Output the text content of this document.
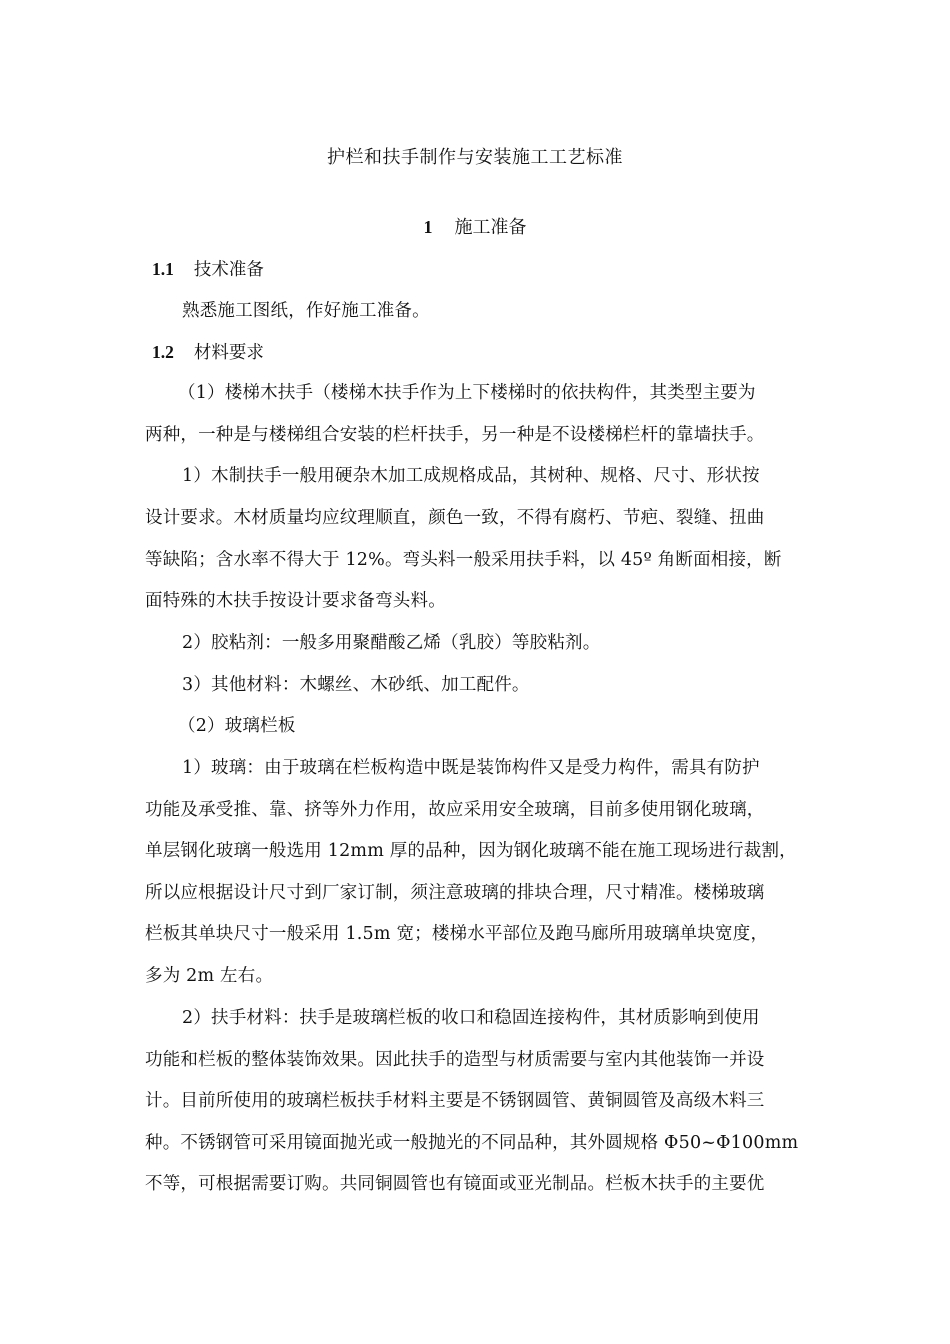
护栏和扶手制作与安装施工工艺标准
1 施工准备
1.1 技术准备
熟悉施工图纸，作好施工准备。
1.2 材料要求
（1）楼梯木扶手（楼梯木扶手作为上下楼梯时的依扶构件，其类型主要为
两种，一种是与楼梯组合安装的栏杆扶手，另一种是不设楼梯栏杆的靠墙扶手。
1）木制扶手一般用硬杂木加工成规格成品，其树种、规格、尺寸、形状按
设计要求。木材质量均应纹理顺直，颜色一致，不得有腐朽、节疤、裂缝、扭曲
等缺陷；含水率不得大于 12%。弯头料一般采用扶手料，以 45º 角断面相接，断
面特殊的木扶手按设计要求备弯头料。
2）胶粘剂：一般多用聚醋酸乙烯（乳胶）等胶粘剂。
3）其他材料：木螺丝、木砂纸、加工配件。
（2）玻璃栏板
1）玻璃：由于玻璃在栏板构造中既是装饰构件又是受力构件，需具有防护
功能及承受推、靠、挤等外力作用，故应采用安全玻璃，目前多使用钢化玻璃，
单层钢化玻璃一般选用 12mm 厚的品种，因为钢化玻璃不能在施工现场进行裁割，
所以应根据设计尺寸到厂家订制，须注意玻璃的排块合理，尺寸精准。楼梯玻璃
栏板其单块尺寸一般采用 1.5m 宽；楼梯水平部位及跑马廊所用玻璃单块宽度，
多为 2m 左右。
2）扶手材料：扶手是玻璃栏板的收口和稳固连接构件，其材质影响到使用
功能和栏板的整体装饰效果。因此扶手的造型与材质需要与室内其他装饰一并设
计。目前所使用的玻璃栏板扶手材料主要是不锈钢圆管、黄铜圆管及高级木料三
种。不锈钢管可采用镜面抛光或一般抛光的不同品种，其外圆规格 Φ50~Φ100mm
不等，可根据需要订购。共同铜圆管也有镜面或亚光制品。栏板木扶手的主要优
